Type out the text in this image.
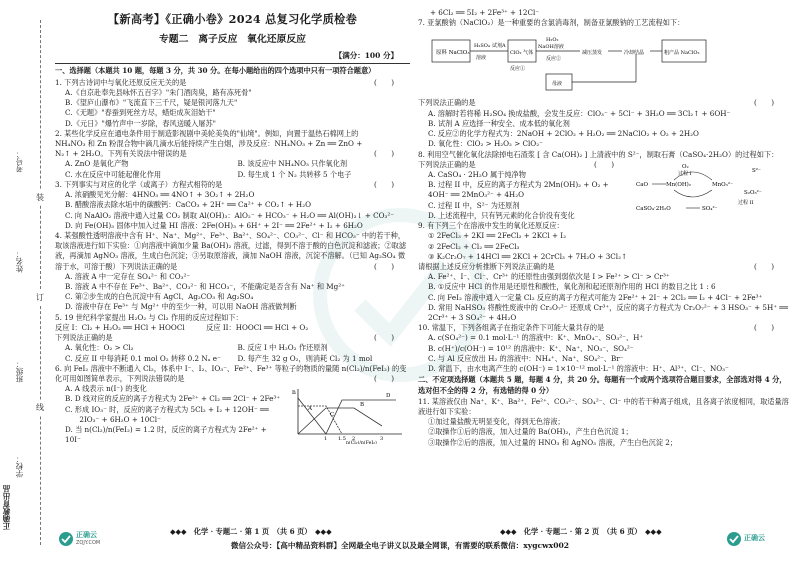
考号：
姓名：
班级：
学校：
正确教育出品
装
订
线
【新高考】《正确小卷》2024 总复习化学质检卷
专题二　离子反应　氧化还原反应
【满分：100 分】
一、选择题（本题共 10 题，每题 3 分，共 30 分。在每小题给出的四个选项中只有一项符合题意）
1. 下列古诗词中与氧化还原反应无关的是	(　　)
A.《自京赴奉先县咏怀五百字》"朱门酒肉臭，路有冻死骨"
B.《望庐山瀑布》"飞流直下三千尺，疑是银河落九天"
C.《无题》"春蚕到死丝方尽，蜡炬成灰泪始干"
D.《元日》"爆竹声中一岁除，春风送暖入屠苏"
2. 某些化学反应在通电条件用于制造影视剧中美轮美奂的"仙境"。例如，向置于温热石棉网上的
NH₄NO₃ 和 Zn 粉混合物中滴几滴水后能持续产生白烟，涉及反应：NH₄NO₃ + Zn ══ ZnO +
N₂↑ + 2H₂O。下列有关说法中错误的是	(　　)
A. ZnO 是氧化产物	B. 该反应中 NH₄NO₃ 只作氧化剂
C. 水在反应中可能起催化作用	D. 每生成 1 个 N₂ 共转移 5 个电子
3. 下列事实与对应的化学（或离子）方程式相符的是	(　　)
A. 浓硝酸见光分解：4HNO₃ ══ 4NO↑ + 3O₂↑ + 2H₂O
B. 醋酸溶液去除水垢中的碳酸钙：CaCO₃ + 2H⁺ ══ Ca²⁺ + CO₂↑ + H₂O
C. 向 NaAlO₂ 溶液中通入过量 CO₂ 制取 Al(OH)₃：AlO₂⁻ + HCO₃⁻ + H₂O ══ Al(OH)₃↓ + CO₃²⁻
D. 向 Fe(OH)₃ 固体中加入过量 HI 溶液：2Fe(OH)₃ + 6H⁺ + 2I⁻ ══ 2Fe²⁺ + I₂ + 6H₂O
4. 某强酸性透明溶液中含有 H⁺、Na⁺、Mg²⁺、Fe³⁺、Ba²⁺、SO₄²⁻、CO₃²⁻、Cl⁻ 和 HCO₃⁻ 中的若干种，取该溶液进行如下实验：①向溶液中滴加少量 Ba(OH)₂ 溶液，过滤，得到不溶于酸的白色沉淀和滤液；②取滤液，再滴加 AgNO₃ 溶液，生成白色沉淀；③另取原溶液，滴加 NaOH 溶液，沉淀不溶解。（已知 Ag₂SO₄ 微溶于水，可溶于酸）下列说法正确的是	(　　)
A. 溶液 A 中一定存在 SO₄²⁻ 和 CO₃²⁻
B. 溶液 A 中不存在 Fe³⁺、Ba²⁺、CO₃²⁻ 和 HCO₃⁻，不能确定是否含有 Na⁺ 和 Mg²⁺
C. 第②步生成的白色沉淀中有 AgCl、Ag₂CO₃ 和 Ag₂SO₄
D. 溶液中存在 Fe³⁺ 与 Mg²⁺ 中的至少一种，可以用 NaOH 溶液做判断
5. 19 世纪科学家提出 H₂O₂ 与 Cl₂ 作用的反应过程如下：
反应 I：Cl₂ + H₂O₂ ══ HCl + HOOCl　　　反应 II：HOOCl ══ HCl + O₂
下列说法正确的是	(　　)
A. 氧化性：O₂ > Cl₂	B. 反应 I 中 H₂O₂ 作还原剂
C. 反应 II 中每消耗 0.1 mol O₂ 转移 0.2 Nₐ e⁻	D. 每产生 32 g O₂，则消耗 Cl₂ 为 1 mol
6. 向 FeI₂ 溶液中不断通入 Cl₂，体系中 I⁻、I₂、IO₃⁻、Fe²⁺、Fe³⁺ 等粒子的物质的量随 n(Cl₂)/n(FeI₂) 的变化可用如图简单表示，下列说法错误的是	(　　)
n
A
B
C
D
1 1.5 2	3
n(Cl₂)/n(FeI₂)
A. A 线表示 n(I⁻) 的变化
B. D 线对应的反应的离子方程式为 2Fe²⁺ + Cl₂ ══ 2Cl⁻ + 2Fe³⁺
C. 形成 IO₃⁻ 时，反应的离子方程式为 5Cl₂ + I₂ + 12OH⁻ ══
　　2IO₃⁻ + 6H₂O + 10Cl⁻
D. 当 n(Cl₂)/n(FeI₂) = 1.2 时，反应的离子方程式为 2Fe²⁺ + 10I⁻
+ 6Cl₂ ══ 5I₂ + 2Fe³⁺ + 12Cl⁻
7. 亚氯酸钠（NaClO₂）是一种重要的含氯消毒剂，制备亚氯酸钠的工艺流程如下：
原料 NaClO₃
H₂SO₄
溶液
试剂A
反应①
ClO₂ 气体
H₂O₂
NaOH溶液
反应②
减压蒸发	冷却结晶	粗产品 NaClO₂
母液
下列说法正确的是	(　　)
A. 溶解时若将稀 H₂SO₄ 换成盐酸，会发生反应：ClO₃⁻ + 5Cl⁻ + 3H₂O ══ 3Cl₂↑ + 6OH⁻
B. 试剂 A 应选择一种安全、成本低的氧化剂
C. 反应②的化学方程式为：2NaOH + 2ClO₂ + H₂O₂ ══ 2NaClO₂ + O₂ + 2H₂O
D. 氧化性：ClO₂ > H₂O₂ > ClO₂⁻
8. 利用空气催化氧化法除掉电石渣浆 [ 含 Ca(OH)₂ ] 上清液中的 S²⁻，制取石膏（CaSO₄·2H₂O）的过程如下：
O₂
过程 I
CaO	Mn(OH)₂	MnO₃²⁻
S²⁻
S₂O₃²⁻
过程 II
CaSO₄·2H₂O	SO₄²⁻
下列说法正确的是	(　　)
A. CaSO₄ · 2H₂O 属于纯净物
B. 过程 II 中，反应的离子方程式为 2Mn(OH)₂ + O₂ + 4OH⁻ ══ 2MnO₃²⁻ + 4H₂O
C. 过程 II 中，S²⁻ 为还原剂
D. 上述流程中，只有钙元素的化合价没有变化
9. 有下列三个在溶液中发生的氧化还原反应：
① 2FeCl₃ + 2KI ══ 2FeCl₂ + 2KCl + I₂
② 2FeCl₂ + Cl₂ ══ 2FeCl₃
③ K₂Cr₂O₇ + 14HCl ══ 2KCl + 2CrCl₃ + 7H₂O + 3Cl₂↑
请根据上述反应分析推断下列说法正确的是	(　　)
A. Fe²⁺、I⁻、Cl⁻、Cr³⁺ 的还原性由强到弱依次是 I > Fe²⁺ > Cl⁻ > Cr³⁺
B. ①反应中 HCl 的作用是还原性和酸性，氧化剂和起还原剂作用的 HCl 的数目之比 1 : 6
C. 向 FeI₂ 溶液中通入一定量 Cl₂ 反应的离子方程式可能为 2Fe²⁺ + 2I⁻ + 2Cl₂ ══ I₂ + 4Cl⁻ + 2Fe³⁺
D. 常用 NaHSO₃ 将酸性废液中的 Cr₂O₇²⁻ 还原成 Cr³⁺，反应的离子方程式为 Cr₂O₇²⁻ + 3 HSO₃⁻ + 5H⁺ ══ 2Cr³⁺ + 3 SO₄²⁻ + 4H₂O
10. 常温下，下列各组离子在指定条件下可能大量共存的是	(　　)
A. c(SO₄²⁻) = 0.1 mol·L⁻¹ 的溶液中：K⁺、MnO₄⁻、SO₃²⁻、H⁺
B. c(H⁺)/c(OH⁻) = 10¹² 的溶液中：K⁺、Na⁺、NO₃⁻、SO₄²⁻
C. 与 Al 反应放出 H₂ 的溶液中：NH₄⁺、Na⁺、SO₄²⁻、Br⁻
D. 常温下，由水电离产生的 c(OH⁻) = 1×10⁻¹² mol·L⁻¹ 的溶液中：H⁺、Al³⁺、Cl⁻、NO₃⁻
二、不定项选择题（本题共 5 题，每题 4 分，共 20 分。每题有一个或两个选项符合题目要求，全部选对得 4 分，选对但不全的得 2 分，有选错的得 0 分）
11. 某溶液仅由 Na⁺、K⁺、Ba²⁺、Fe²⁺、CO₃²⁻、SO₄²⁻、Cl⁻ 中的若干种离子组成，且各离子浓度相同，取适量溶液进行如下实验：
①加过量盐酸无明显变化，得到无色溶液；
②取操作①后的溶液，加入过量的 Ba(OH)₂，产生白色沉淀 1；
③取操作②后的溶液，加入过量的 HNO₃ 和 AgNO₃ 溶液，产生白色沉淀 2；
正确云
ZQJY.COM
◆◆◆　化学 · 专题二 · 第 1 页　（共 6 页）　◆◆◆	◆◆◆　化学 · 专题二 · 第 2 页　（共 6 页）　◆◆◆
正确云
微信公众号：【高中精品资料群】全网最全电子讲义以及最全网课，有需要的联系微信：xygcwx002
